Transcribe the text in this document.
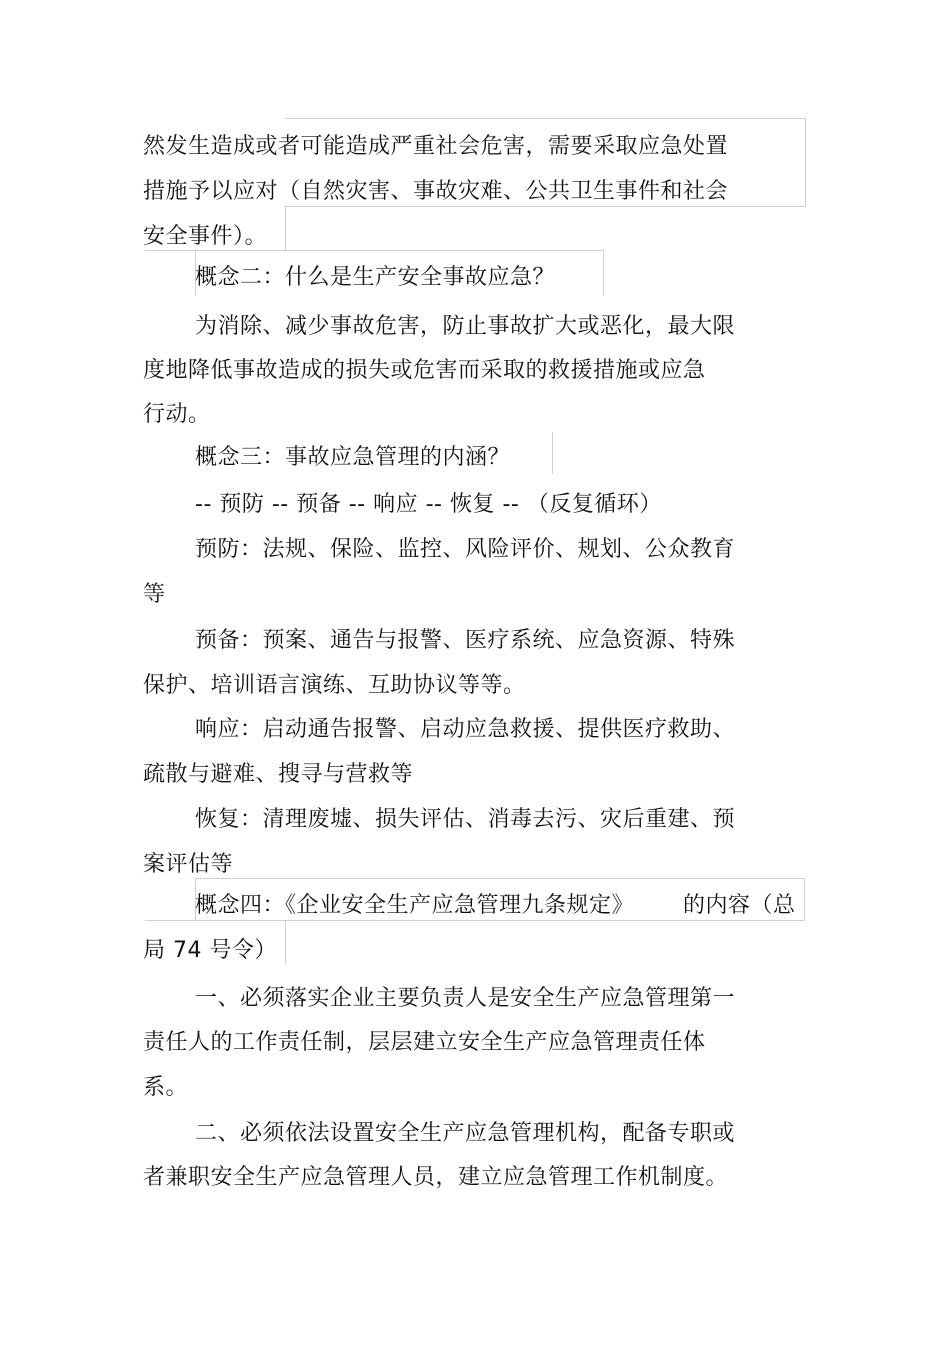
然发生造成或者可能造成严重社会危害，需要采取应急处置
措施予以应对（自然灾害、事故灾难、公共卫生事件和社会
安全事件）。
概念二：什么是生产安全事故应急？
为消除、减少事故危害，防止事故扩大或恶化，最大限
度地降低事故造成的损失或危害而采取的救援措施或应急
行动。
概念三：事故应急管理的内涵？
-- 预防 -- 预备 -- 响应 -- 恢复 -- （反复循环）
预防：法规、保险、监控、风险评价、规划、公众教育
等
预备：预案、通告与报警、医疗系统、应急资源、特殊
保护、培训语言演练、互助协议等等。
响应：启动通告报警、启动应急救援、提供医疗救助、
疏散与避难、搜寻与营救等
恢复：清理废墟、损失评估、消毒去污、灾后重建、预
案评估等
概念四：《企业安全生产应急管理九条规定》 的内容（总
局 74 号令）
一、必须落实企业主要负责人是安全生产应急管理第一
责任人的工作责任制，层层建立安全生产应急管理责任体
系。
二、必须依法设置安全生产应急管理机构，配备专职或
者兼职安全生产应急管理人员，建立应急管理工作机制度。
